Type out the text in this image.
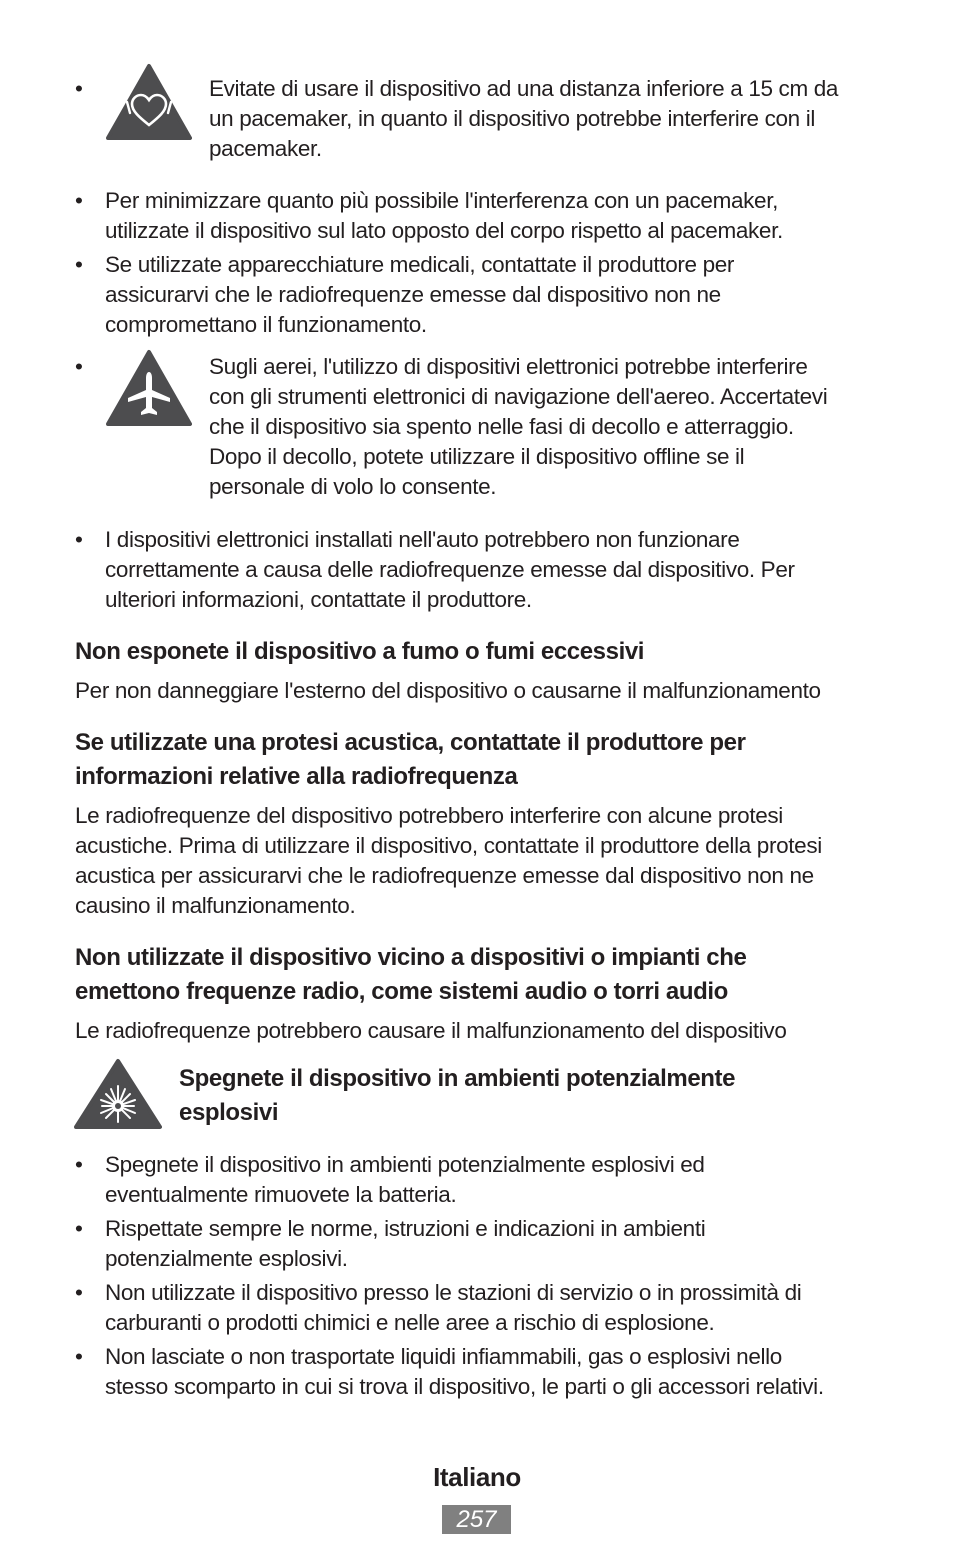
•	Evitate di usare il dispositivo ad una distanza inferiore a 15 cm da
un pacemaker, in quanto il dispositivo potrebbe interferire con il
pacemaker.
• Per minimizzare quanto più possibile l'interferenza con un pacemaker,
utilizzate il dispositivo sul lato opposto del corpo rispetto al pacemaker.
• Se utilizzate apparecchiature medicali, contattate il produttore per
assicurarvi che le radiofrequenze emesse dal dispositivo non ne
compromettano il funzionamento.
•	Sugli aerei, l'utilizzo di dispositivi elettronici potrebbe interferire
con gli strumenti elettronici di navigazione dell'aereo. Accertatevi
che il dispositivo sia spento nelle fasi di decollo e atterraggio.
Dopo il decollo, potete utilizzare il dispositivo offline se il
personale di volo lo consente.
• I dispositivi elettronici installati nell'auto potrebbero non funzionare
correttamente a causa delle radiofrequenze emesse dal dispositivo. Per
ulteriori informazioni, contattate il produttore.
Non esponete il dispositivo a fumo o fumi eccessivi
Per non danneggiare l'esterno del dispositivo o causarne il malfunzionamento
Se utilizzate una protesi acustica, contattate il produttore per
informazioni relative alla radiofrequenza
Le radiofrequenze del dispositivo potrebbero interferire con alcune protesi
acustiche. Prima di utilizzare il dispositivo, contattate il produttore della protesi
acustica per assicurarvi che le radiofrequenze emesse dal dispositivo non ne
causino il malfunzionamento.
Non utilizzate il dispositivo vicino a dispositivi o impianti che
emettono frequenze radio, come sistemi audio o torri audio
Le radiofrequenze potrebbero causare il malfunzionamento del dispositivo
Spegnete il dispositivo in ambienti potenzialmente
esplosivi
• Spegnete il dispositivo in ambienti potenzialmente esplosivi ed
eventualmente rimuovete la batteria.
• Rispettate sempre le norme, istruzioni e indicazioni in ambienti
potenzialmente esplosivi.
• Non utilizzate il dispositivo presso le stazioni di servizio o in prossimità di
carburanti o prodotti chimici e nelle aree a rischio di esplosione.
• Non lasciate o non trasportate liquidi infiammabili, gas o esplosivi nello
stesso scomparto in cui si trova il dispositivo, le parti o gli accessori relativi.
Italiano
257
